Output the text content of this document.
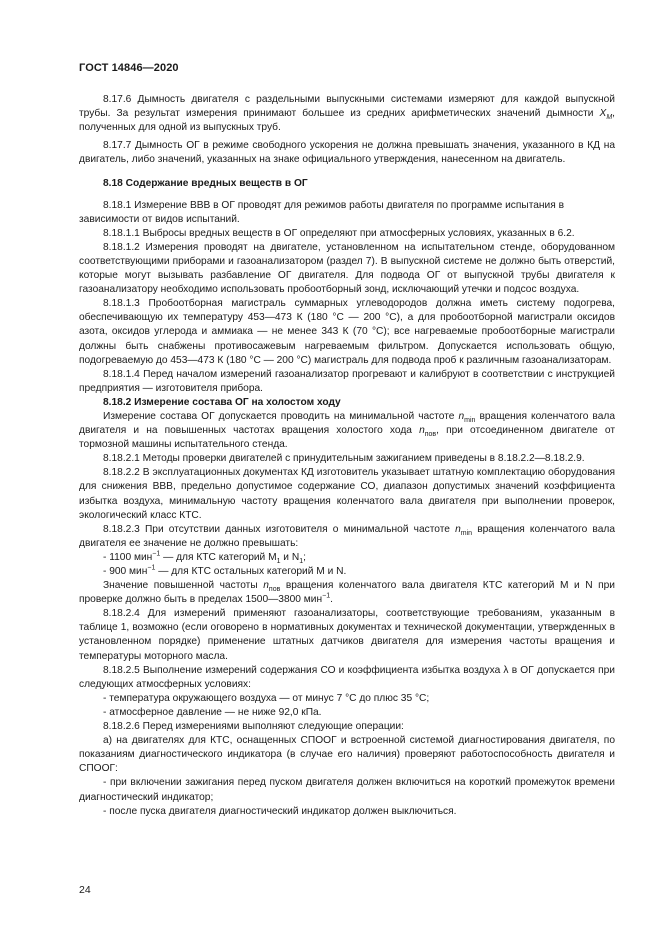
ГОСТ 14846—2020

8.17.6 Дымность двигателя с раздельными выпускными системами измеряют для каждой выпускной трубы. За результат измерения принимают большее из средних арифметических значений дымности $X_M$, полученных для одной из выпускных труб.

8.17.7 Дымность ОГ в режиме свободного ускорения не должна превышать значения, указанного в КД на двигатель, либо значений, указанных на знаке официального утверждения, нанесенном на двигатель.

8.18 Содержание вредных веществ в ОГ

8.18.1 Измерение ВВВ в ОГ проводят для режимов работы двигателя по программе испытания в зависимости от видов испытаний.

8.18.1.1 Выбросы вредных веществ в ОГ определяют при атмосферных условиях, указанных в 6.2.

8.18.1.2 Измерения проводят на двигателе, установленном на испытательном стенде, оборудованном соответствующими приборами и газоанализатором (раздел 7). В выпускной системе не должно быть отверстий, которые могут вызывать разбавление ОГ двигателя. Для подвода ОГ от выпускной трубы двигателя к газоанализатору необходимо использовать пробоотборный зонд, исключающий утечки и подсос воздуха.

8.18.1.3 Пробоотборная магистраль суммарных углеводородов должна иметь систему подогрева, обеспечивающую их температуру 453—473 К (180 °С — 200 °С), а для пробоотборной магистрали оксидов азота, оксидов углерода и аммиака — не менее 343 К (70 °С); все нагреваемые пробоотборные магистрали должны быть снабжены противосажевым нагреваемым фильтром. Допускается использовать общую, подогреваемую до 453—473 К (180 °С — 200 °С) магистраль для подвода проб к различным газоанализаторам.

8.18.1.4 Перед началом измерений газоанализатор прогревают и калибруют в соответствии с инструкцией предприятия — изготовителя прибора.

8.18.2 Измерение состава ОГ на холостом ходу

Измерение состава ОГ допускается проводить на минимальной частоте $n_{min}$ вращения коленчатого вала двигателя и на повышенных частотах вращения холостого хода $n_{пов}$, при отсоединенном двигателе от тормозной машины испытательного стенда.

8.18.2.1 Методы проверки двигателей с принудительным зажиганием приведены в 8.18.2.2—8.18.2.9.

8.18.2.2 В эксплуатационных документах КД изготовитель указывает штатную комплектацию оборудования для снижения ВВВ, предельно допустимое содержание СО, диапазон допустимых значений коэффициента избытка воздуха, минимальную частоту вращения коленчатого вала двигателя при выполнении проверок, экологический класс КТС.

8.18.2.3 При отсутствии данных изготовителя о минимальной частоте $n_{min}$ вращения коленчатого вала двигателя ее значение не должно превышать:

- 1100 мин$^{-1}$ — для КТС категорий $М_1$ и $N_1$;

- 900 мин$^{-1}$ — для КТС остальных категорий М и N.

Значение повышенной частоты $n_{пов}$ вращения коленчатого вала двигателя КТС категорий М и N при проверке должно быть в пределах 1500—3800 мин$^{-1}$.

8.18.2.4 Для измерений применяют газоанализаторы, соответствующие требованиям, указанным в таблице 1, возможно (если оговорено в нормативных документах и технической документации, утвержденных в установленном порядке) применение штатных датчиков двигателя для измерения частоты вращения и температуры моторного масла.

8.18.2.5 Выполнение измерений содержания СО и коэффициента избытка воздуха λ в ОГ допускается при следующих атмосферных условиях:

- температура окружающего воздуха — от минус 7 °С до плюс 35 °С;

- атмосферное давление — не ниже 92,0 кПа.

8.18.2.6 Перед измерениями выполняют следующие операции:

а) на двигателях для КТС, оснащенных СПООГ и встроенной системой диагностирования двигателя, по показаниям диагностического индикатора (в случае его наличия) проверяют работоспособность двигателя и СПООГ:

- при включении зажигания перед пуском двигателя должен включиться на короткий промежуток времени диагностический индикатор;

- после пуска двигателя диагностический индикатор должен выключиться.

24
